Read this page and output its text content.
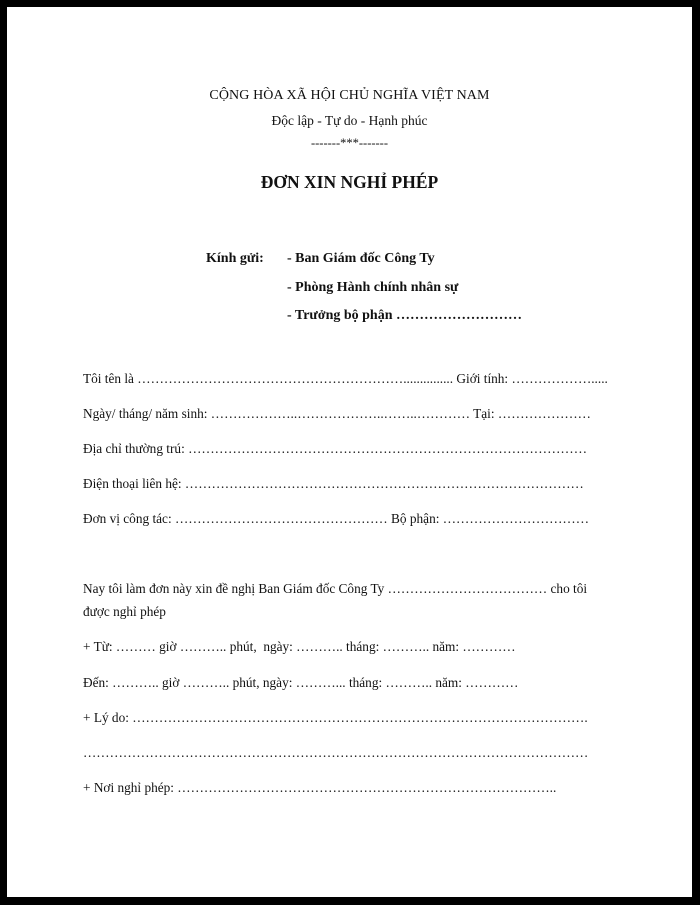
CỘNG HÒA XÃ HỘI CHỦ NGHĨA VIỆT NAM
Độc lập - Tự do - Hạnh phúc
-------***-------
ĐƠN XIN NGHỈ PHÉP
Kính gửi: - Ban Giám đốc Công Ty
- Phòng Hành chính nhân sự
- Trưởng bộ phận ………………………
Tôi tên là ……………………………………………………............... Giới tính: ……………….....
Ngày/ tháng/ năm sinh: ………………..………………..……..………… Tại: …………………
Địa chỉ thường trú: ………………………………………………………………………………
Điện thoại liên hệ: ………………………………………………………………………………
Đơn vị công tác: ………………………………………… Bộ phận: ……………………………
Nay tôi làm đơn này xin đề nghị Ban Giám đốc Công Ty ……………………………… cho tôi
được nghỉ phép
+ Từ: ……… giờ ……….. phút,  ngày: ……….. tháng: ……….. năm: …………
Đến: ……….. giờ ……….. phút, ngày: ………... tháng: ……….. năm: …………
+ Lý do: ………………………………………………………………………………………….
……………………………………………………………………………………………………
+ Nơi nghỉ phép: …………………………………………………………………………..
